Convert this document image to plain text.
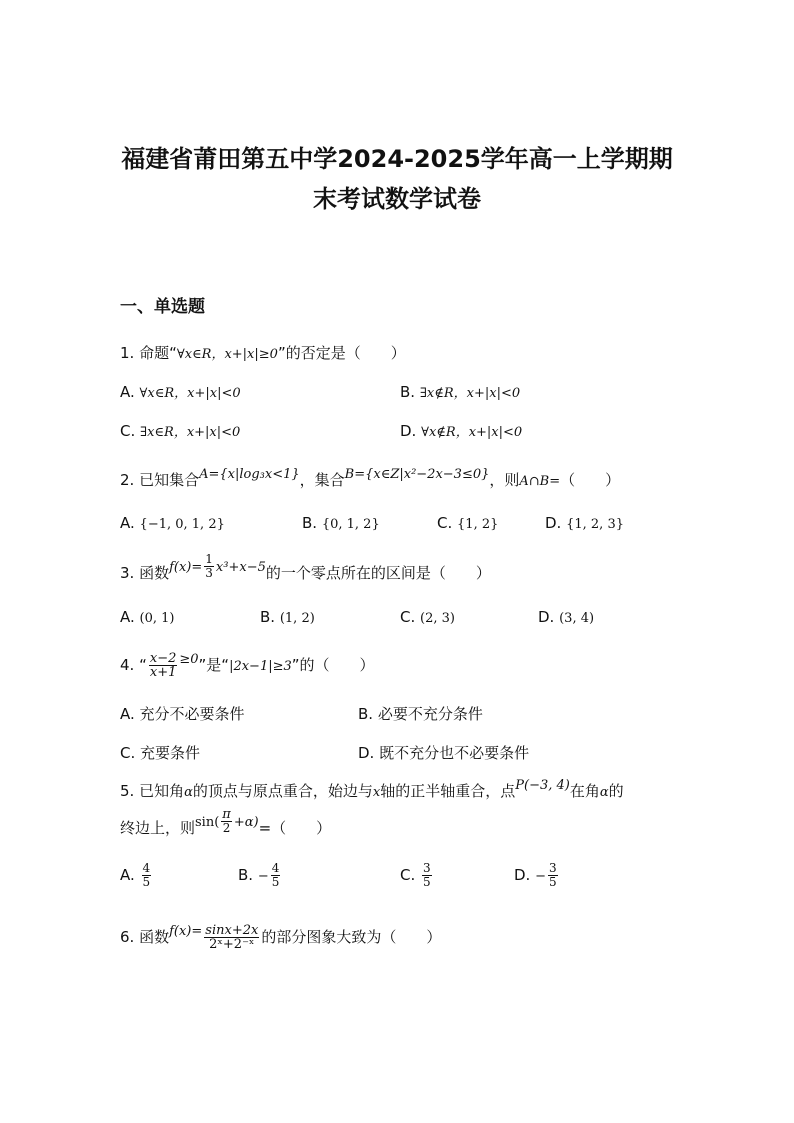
福建省莆田第五中学2024-2025学年高一上学期期
末考试数学试卷
一、单选题
1. 命题“∀x∈R，x+|x|≥0”的否定是（　　）
A. ∀x∈R，x+|x|<0	B. ∃x∉R，x+|x|<0
C. ∃x∈R，x+|x|<0	D. ∀x∉R，x+|x|<0
2. 已知集合A={x|log₃x<1}，集合B={x∈Z|x²−2x−3≤0}，则A∩B=（　　）
A. {−1, 0, 1, 2}	B. {0, 1, 2}	C. {1, 2}	D. {1, 2, 3}
3. 函数$f(x)= \frac{1}{3} x^3+x-5$的一个零点所在的区间是（　　）
A. (0, 1)	B. (1, 2)	C. (2, 3)	D. (3, 4)
4. “ $\frac{x-2}{x+1} \ge 0$”是“|2x−1|≥3”的（　　）
A. 充分不必要条件	B. 必要不充分条件
C. 充要条件	D. 既不充分也不必要条件
5. 已知角α的顶点与原点重合，始边与x轴的正半轴重合，点P(−3, 4)在角α的
终边上，则$\sin( \frac{\pi}{2} +\alpha)=$（　　）
A. $\frac{4}{5}$	B. − $\frac{4}{5}$	C. $\frac{3}{5}$	D. − $\frac{3}{5}$
6. 函数$f(x)= \frac{\sin x+2x}{\text{2ˣ+2⁻ˣ}}$ 的部分图象大致为（　　）
